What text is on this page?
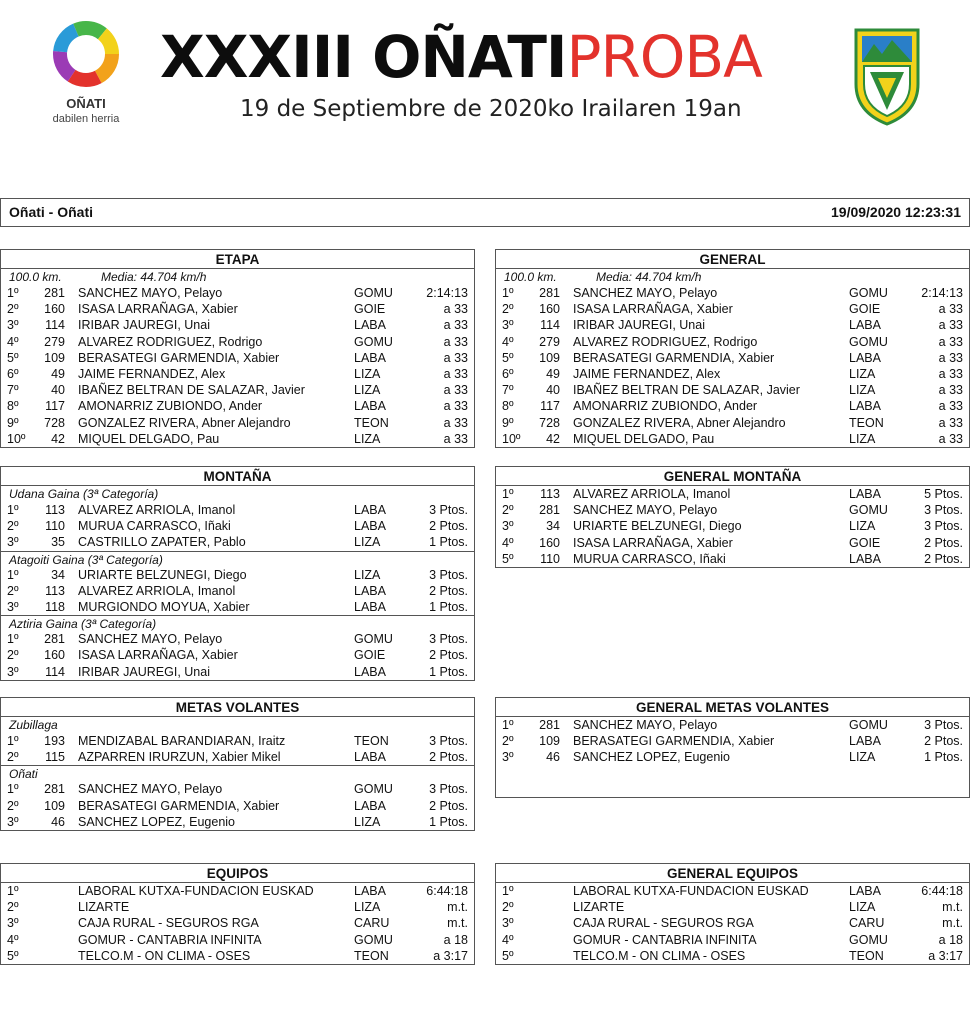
OÑATI
dabilen herria
XXXIII OÑATIPROBA
19 de Septiembre de 2020ko Irailaren 19an
Oñati - Oñati	19/09/2020 12:23:31
ETAPA
100.0 km.	Media: 44.704 km/h
1º	281 SANCHEZ MAYO, Pelayo	GOMU	2:14:13
2º	160 ISASA LARRAÑAGA, Xabier	GOIE	a 33
3º	114 IRIBAR JAUREGI, Unai	LABA	a 33
4º	279 ALVAREZ RODRIGUEZ, Rodrigo	GOMU	a 33
5º	109 BERASATEGI GARMENDIA, Xabier	LABA	a 33
6º	49 JAIME FERNANDEZ, Alex	LIZA	a 33
7º	40 IBAÑEZ BELTRAN DE SALAZAR, Javier	LIZA	a 33
8º	117 AMONARRIZ ZUBIONDO, Ander	LABA	a 33
9º	728 GONZALEZ RIVERA, Abner Alejandro	TEON	a 33
10º	42 MIQUEL DELGADO, Pau	LIZA	a 33
GENERAL
100.0 km.	Media: 44.704 km/h
1º	281 SANCHEZ MAYO, Pelayo	GOMU	2:14:13
2º	160 ISASA LARRAÑAGA, Xabier	GOIE	a 33
3º	114 IRIBAR JAUREGI, Unai	LABA	a 33
4º	279 ALVAREZ RODRIGUEZ, Rodrigo	GOMU	a 33
5º	109 BERASATEGI GARMENDIA, Xabier	LABA	a 33
6º	49 JAIME FERNANDEZ, Alex	LIZA	a 33
7º	40 IBAÑEZ BELTRAN DE SALAZAR, Javier	LIZA	a 33
8º	117 AMONARRIZ ZUBIONDO, Ander	LABA	a 33
9º	728 GONZALEZ RIVERA, Abner Alejandro	TEON	a 33
10º	42 MIQUEL DELGADO, Pau	LIZA	a 33
MONTAÑA
Udana Gaina (3ª Categoría)
1º	113 ALVAREZ ARRIOLA, Imanol	LABA	3 Ptos.
2º	110 MURUA CARRASCO, Iñaki	LABA	2 Ptos.
3º	35 CASTRILLO ZAPATER, Pablo	LIZA	1 Ptos.
Atagoiti Gaina (3ª Categoría)
1º	34 URIARTE BELZUNEGI, Diego	LIZA	3 Ptos.
2º	113 ALVAREZ ARRIOLA, Imanol	LABA	2 Ptos.
3º	118 MURGIONDO MOYUA, Xabier	LABA	1 Ptos.
Aztiria Gaina (3ª Categoría)
1º	281 SANCHEZ MAYO, Pelayo	GOMU	3 Ptos.
2º	160 ISASA LARRAÑAGA, Xabier	GOIE	2 Ptos.
3º	114 IRIBAR JAUREGI, Unai	LABA	1 Ptos.
GENERAL MONTAÑA
1º	113 ALVAREZ ARRIOLA, Imanol	LABA	5 Ptos.
2º	281 SANCHEZ MAYO, Pelayo	GOMU	3 Ptos.
3º	34 URIARTE BELZUNEGI, Diego	LIZA	3 Ptos.
4º	160 ISASA LARRAÑAGA, Xabier	GOIE	2 Ptos.
5º	110 MURUA CARRASCO, Iñaki	LABA	2 Ptos.
METAS VOLANTES
Zubillaga
1º	193 MENDIZABAL BARANDIARAN, Iraitz	TEON	3 Ptos.
2º	115 AZPARREN IRURZUN, Xabier Mikel	LABA	2 Ptos.
Oñati
1º	281 SANCHEZ MAYO, Pelayo	GOMU	3 Ptos.
2º	109 BERASATEGI GARMENDIA, Xabier	LABA	2 Ptos.
3º	46 SANCHEZ LOPEZ, Eugenio	LIZA	1 Ptos.
GENERAL METAS VOLANTES
1º	281 SANCHEZ MAYO, Pelayo	GOMU	3 Ptos.
2º	109 BERASATEGI GARMENDIA, Xabier	LABA	2 Ptos.
3º	46 SANCHEZ LOPEZ, Eugenio	LIZA	1 Ptos.
EQUIPOS
1º	LABORAL KUTXA-FUNDACION EUSKAD	LABA	6:44:18
2º	LIZARTE	LIZA	m.t.
3º	CAJA RURAL - SEGUROS RGA	CARU	m.t.
4º	GOMUR - CANTABRIA INFINITA	GOMU	a 18
5º	TELCO.M - ON CLIMA - OSES	TEON	a 3:17
GENERAL EQUIPOS
1º	LABORAL KUTXA-FUNDACION EUSKAD	LABA	6:44:18
2º	LIZARTE	LIZA	m.t.
3º	CAJA RURAL - SEGUROS RGA	CARU	m.t.
4º	GOMUR - CANTABRIA INFINITA	GOMU	a 18
5º	TELCO.M - ON CLIMA - OSES	TEON	a 3:17
